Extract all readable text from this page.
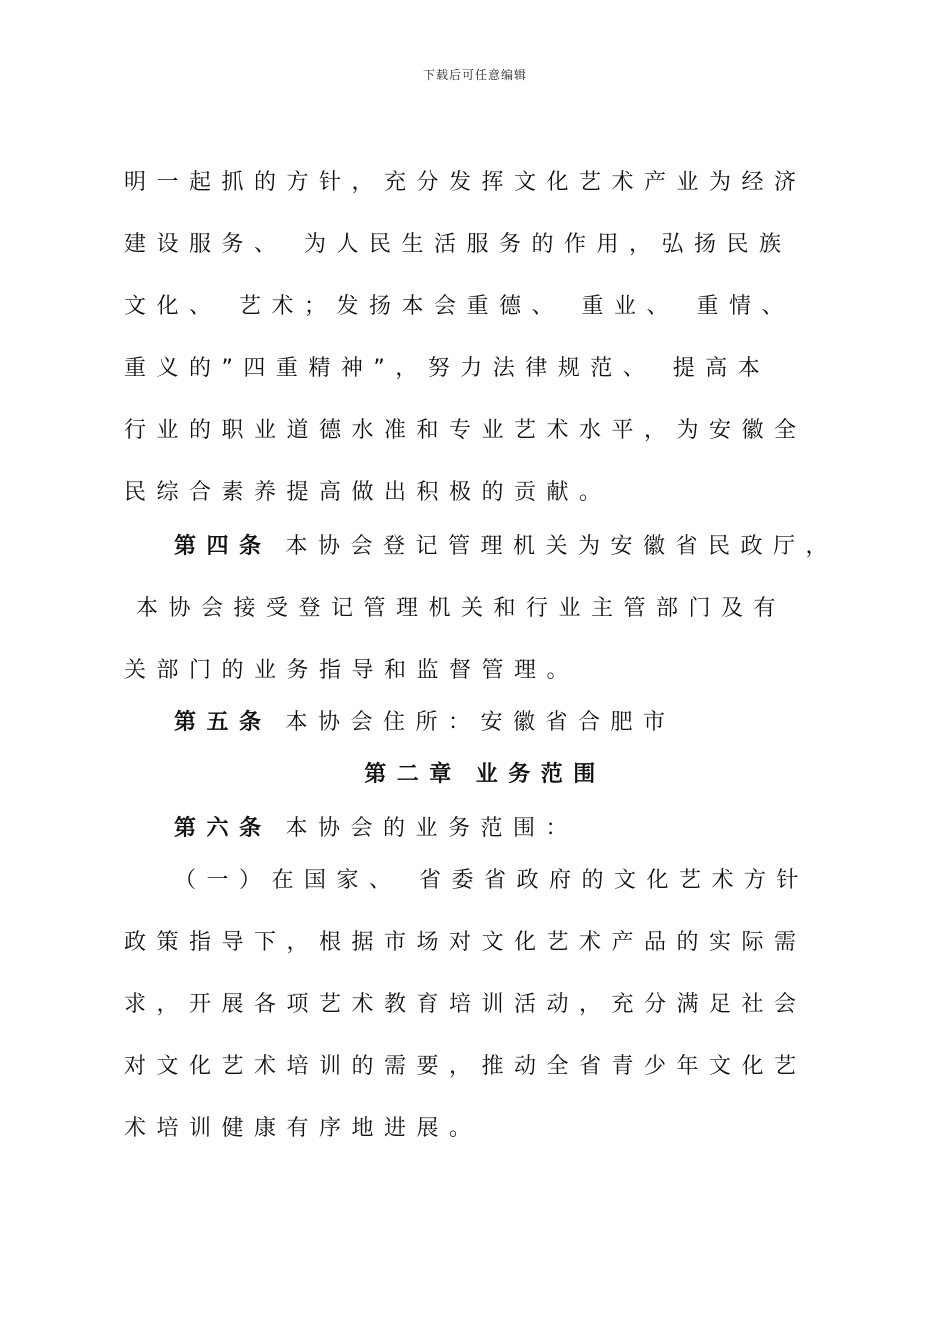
下载后可任意编辑
明一起抓的方针，充分发挥文化艺术产业为经济
建设服务、 为人民生活服务的作用，弘扬民族
文化、 艺术；发扬本会重德、 重业、 重情、
重义的”四重精神”，努力法律规范、 提高本
行业的职业道德水准和专业艺术水平，为安徽全
民综合素养提高做出积极的贡献。
第四条 本协会登记管理机关为安徽省民政厅，
本协会接受登记管理机关和行业主管部门及有
关部门的业务指导和监督管理。
第五条 本协会住所：安徽省合肥市
第二章 业务范围
第六条 本协会的业务范围：
（一）在国家、 省委省政府的文化艺术方针
政策指导下，根据市场对文化艺术产品的实际需
求，开展各项艺术教育培训活动，充分满足社会
对文化艺术培训的需要，推动全省青少年文化艺
术培训健康有序地进展。
